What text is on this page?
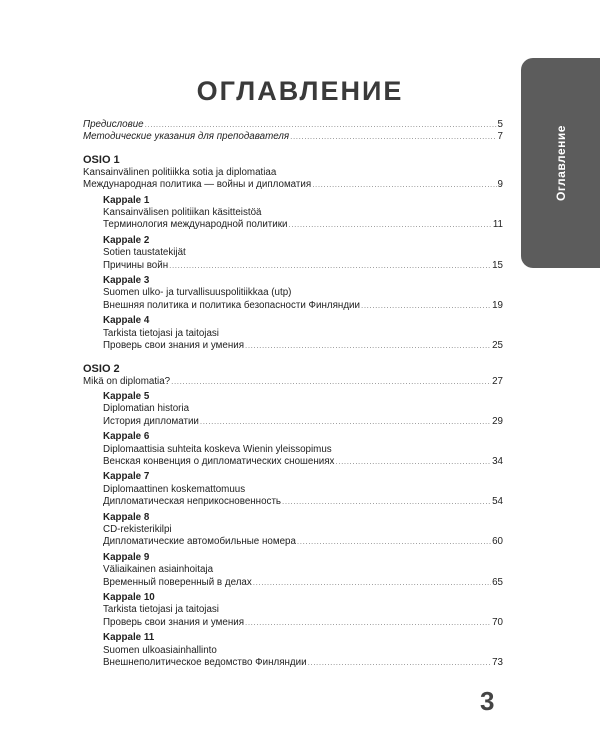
ОГЛАВЛЕНИЕ
Оглавление
Предисловие .....	5
Методические указания для преподавателя .....	7
OSIO 1
Kansainvälinen politiikka sotia ja diplomatiaa
Международная политика — войны и дипломатия .....	9
Kappale 1
Kansainvälisen politiikan käsitteistöä
Терминология международной политики .....	11
Kappale 2
Sotien taustatekijät
Причины войн .....	15
Kappale 3
Suomen ulko- ja turvallisuuspolitiikkaa (utp)
Внешняя политика и политика безопасности Финляндии .....	19
Kappale 4
Tarkista tietojasi ja taitojasi
Проверь свои знания и умения .....	25
OSIO 2
Mikä on diplomatia? .....	27
Kappale 5
Diplomatian historia
История дипломатии .....	29
Kappale 6
Diplomaattisia suhteita koskeva Wienin yleissopimus
Венская конвенция о дипломатических сношениях .....	34
Kappale 7
Diplomaattinen koskemattomuus
Дипломатическая неприкосновенность .....	54
Kappale 8
CD-rekisterikilpi
Дипломатические автомобильные номера .....	60
Kappale 9
Väliaikainen asiainhoitaja
Временный поверенный в делах .....	65
Kappale 10
Tarkista tietojasi ja taitojasi
Проверь свои знания и умения .....	70
Kappale 11
Suomen ulkoasiainhallinto
Внешнеполитическое ведомство Финляндии .....	73
3
